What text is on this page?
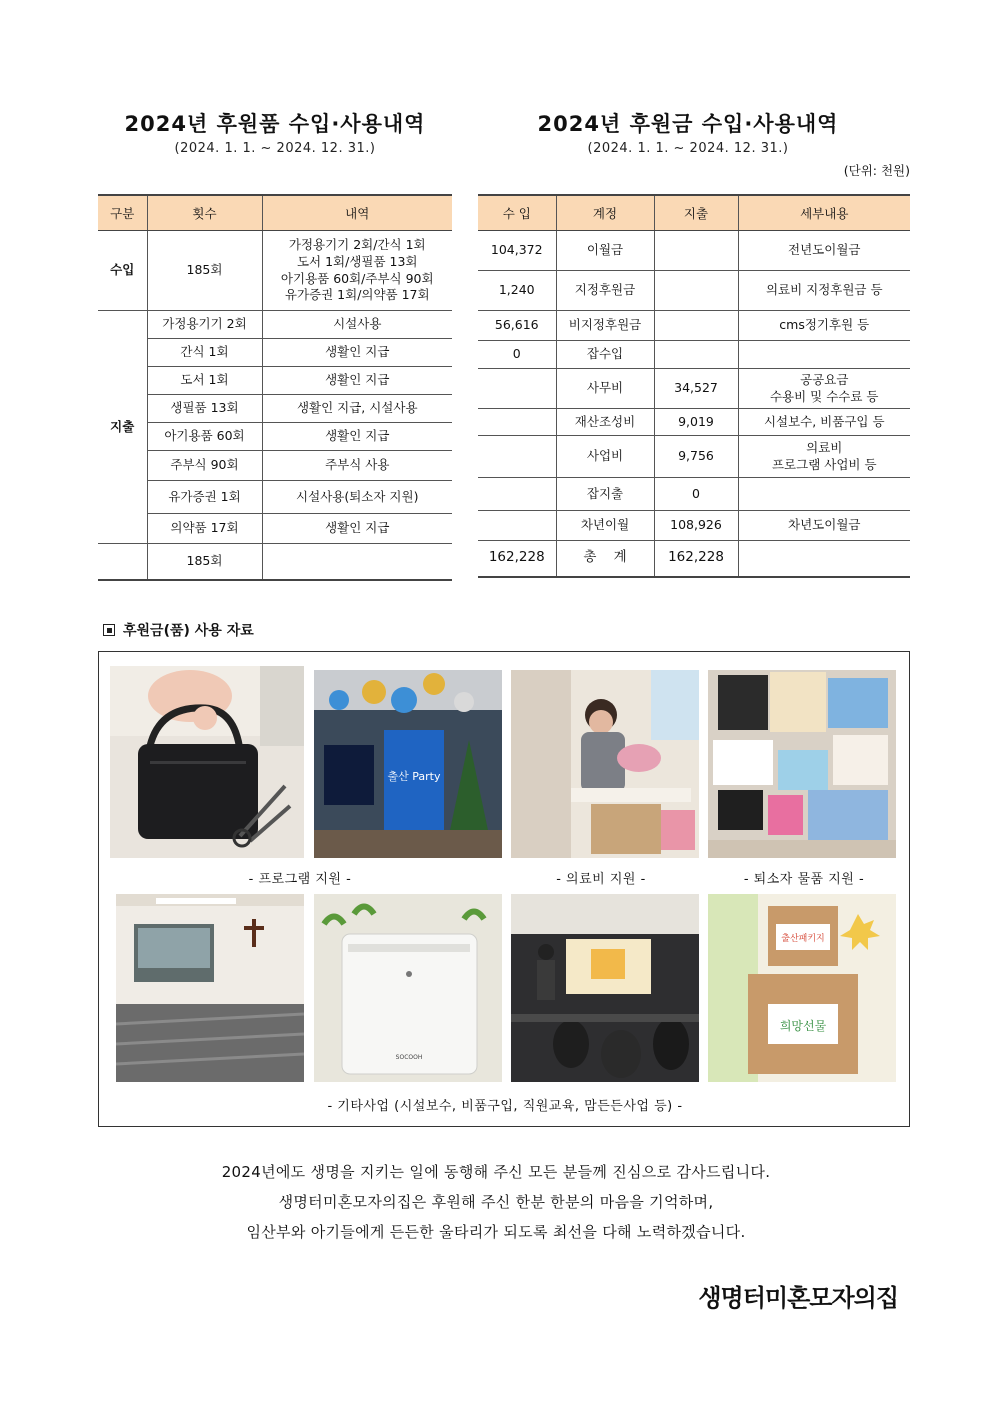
2024년 후원품 수입·사용내역
(2024. 1. 1. ~ 2024. 12. 31.)
2024년 후원금 수입·사용내역
(2024. 1. 1. ~ 2024. 12. 31.)
(단위: 천원)
구분	횟수	내역
수입	185회	가정용기기 2회/간식 1회
도서 1회/생필품 13회
아기용품 60회/주부식 90회
유가증권 1회/의약품 17회

지출	가정용기기 2회	시설사용
	간식 1회	생활인 지급
	도서 1회	생활인 지급
	생필품 13회	생활인 지급, 시설사용
	아기용품 60회	생활인 지급
	주부식 90회	주부식 사용
	유가증권 1회	시설사용(퇴소자 지원)
	의약품 17회	생활인 지급
	185회	
수 입	계정	지출	세부내용
104,372	이월금		전년도이월금
1,240	지정후원금		의료비 지정후원금 등
56,616	비지정후원금		cms정기후원 등
0	잡수입		
	사무비	34,527	공공요금
수용비 및 수수료 등

	재산조성비	9,019	시설보수, 비품구입 등
	사업비	9,756	의료비
프로그램 사업비 등

	잡지출	0	
	차년이월	108,926	차년도이월금
162,228	총    계	162,228	
후원금(품) 사용 자료
출산 Party
- 프로그램 지원 -	- 의료비 지원 -	- 퇴소자 물품 지원 -
SOCOOH
출산패키지
희망선물
- 기타사업 (시설보수, 비품구입, 직원교육, 맘든든사업 등) -
2024년에도 생명을 지키는 일에 동행해 주신 모든 분들께 진심으로 감사드립니다.
생명터미혼모자의집은 후원해 주신 한분 한분의 마음을 기억하며,
임산부와 아기들에게 든든한 울타리가 되도록 최선을 다해 노력하겠습니다.
생명터미혼모자의집
